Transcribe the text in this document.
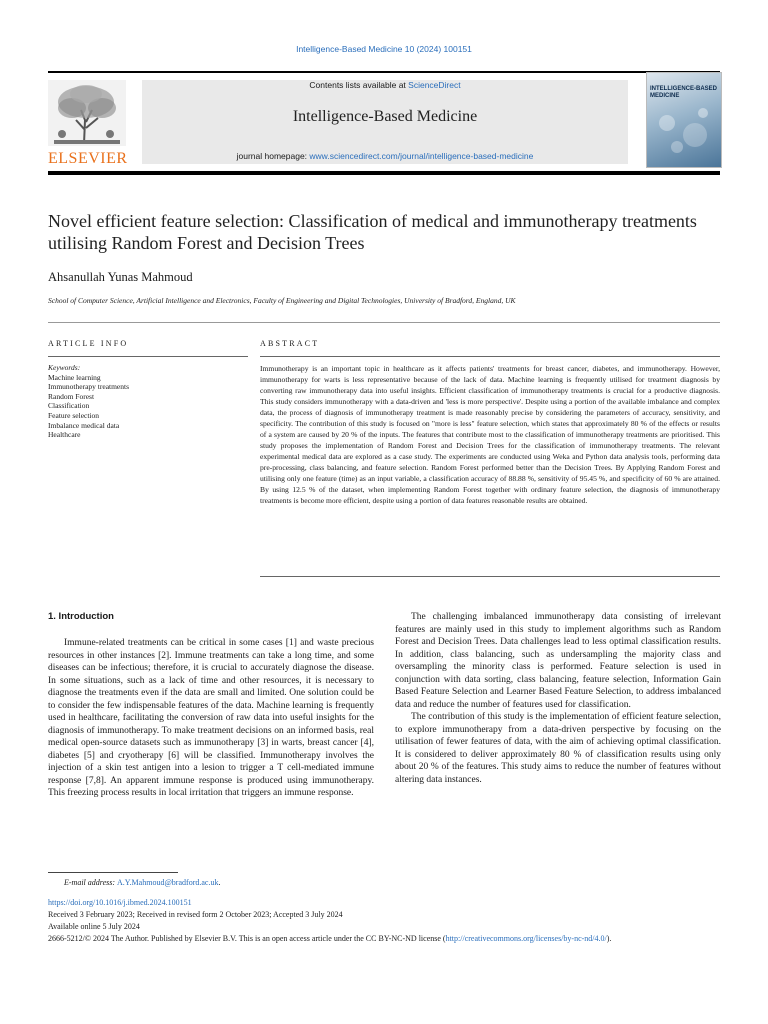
Intelligence-Based Medicine 10 (2024) 100151
ELSEVIER
Contents lists available at ScienceDirect
Intelligence-Based Medicine
journal homepage: www.sciencedirect.com/journal/intelligence-based-medicine
INTELLIGENCE-BASED MEDICINE
Novel efficient feature selection: Classification of medical and immunotherapy treatments utilising Random Forest and Decision Trees
Ahsanullah Yunas Mahmoud
School of Computer Science, Artificial Intelligence and Electronics, Faculty of Engineering and Digital Technologies, University of Bradford, England, UK
ARTICLE INFO	ABSTRACT
Keywords:
Machine learning
Immunotherapy treatments
Random Forest
Classification
Feature selection
Imbalance medical data
Healthcare
Immunotherapy is an important topic in healthcare as it affects patients' treatments for breast cancer, diabetes, and immunotherapy. However, immunotherapy for warts is less representative because of the lack of data. Machine learning is frequently utilised for treatment diagnosis by converting raw immunotherapy data into useful insights. Efficient classification of immunotherapy treatments is crucial for a productive diagnosis. This study considers immunotherapy with a data-driven and 'less is more perspective'. Despite using a portion of the available imbalance and complex data, the process of diagnosis of immunotherapy treatment is made reasonably precise by considering the parameters of accuracy, sensitivity, and specificity. The contribution of this study is focused on "more is less" feature selection, which states that approximately 80 % of the effects or results of a system are caused by 20 % of the inputs. The features that contribute most to the classification of immunotherapy treatments are prioritised. This study proposes the implementation of Random Forest and Decision Trees for the classification of immunotherapy treatments. The relevant experimental medical data are explored as a case study. The experiments are conducted using Weka and Python data analysis tools, performing data pre-processing, class balancing, and feature selection. Random Forest performed better than the Decision Trees. By Applying Random Forest and utilising only one feature (time) as an input variable, a classification accuracy of 88.88 %, sensitivity of 95.45 %, and specificity of 60 % are attained. By using 12.5 % of the dataset, when implementing Random Forest together with ordinary feature selection, the diagnosis of immunotherapy treatments is become more efficient, despite using a portion of data features reasonable results are obtained.
1. Introduction

Immune-related treatments can be critical in some cases [1] and waste precious resources in other instances [2]. Immune treatments can take a long time, and some diseases can be infectious; therefore, it is crucial to accurately diagnose the disease. In some situations, such as a lack of time and other resources, it is necessary to diagnose the treatments even if the data are small and limited. One solution could be to consider the few indispensable features of the data. Machine learning is frequently used in healthcare, facilitating the conversion of raw data into useful insights for the diagnosis of immunotherapy. To make treatment decisions on an informed basis, real medical open-source datasets such as immunotherapy [3] in warts, breast cancer [4], diabetes [5] and cryotherapy [6] will be classified. Immunotherapy involves the injection of a skin test antigen into a lesion to trigger a T cell-mediated immune response [7,8]. An apparent immune response is produced using immunotherapy. This freezing process results in local irritation that triggers an immune response.

The challenging imbalanced immunotherapy data consisting of irrelevant features are mainly used in this study to implement algorithms such as Random Forest and Decision Trees. Data challenges lead to less optimal classification results. In addition, class balancing, such as undersampling the majority class and oversampling the minority class is performed. Feature selection is used in conjunction with data sorting, class balancing, feature selection, Information Gain Based Feature Selection and Learner Based Feature Selection, to address imbalanced data and reduce the number of features used for classification.

The contribution of this study is the implementation of efficient feature selection, to explore immunotherapy from a data-driven perspective by focusing on the utilisation of fewer features of data, with the aim of achieving optimal classification. It is considered to deliver approximately 80 % of classification results using only about 20 % of the features. This study aims to reduce the number of features without altering data instances.

E-mail address: A.Y.Mahmoud@bradford.ac.uk.
https://doi.org/10.1016/j.ibmed.2024.100151
Received 3 February 2023; Received in revised form 2 October 2023; Accepted 3 July 2024
Available online 5 July 2024
2666-5212/© 2024 The Author. Published by Elsevier B.V. This is an open access article under the CC BY-NC-ND license (http://creativecommons.org/licenses/by-nc-nd/4.0/).
